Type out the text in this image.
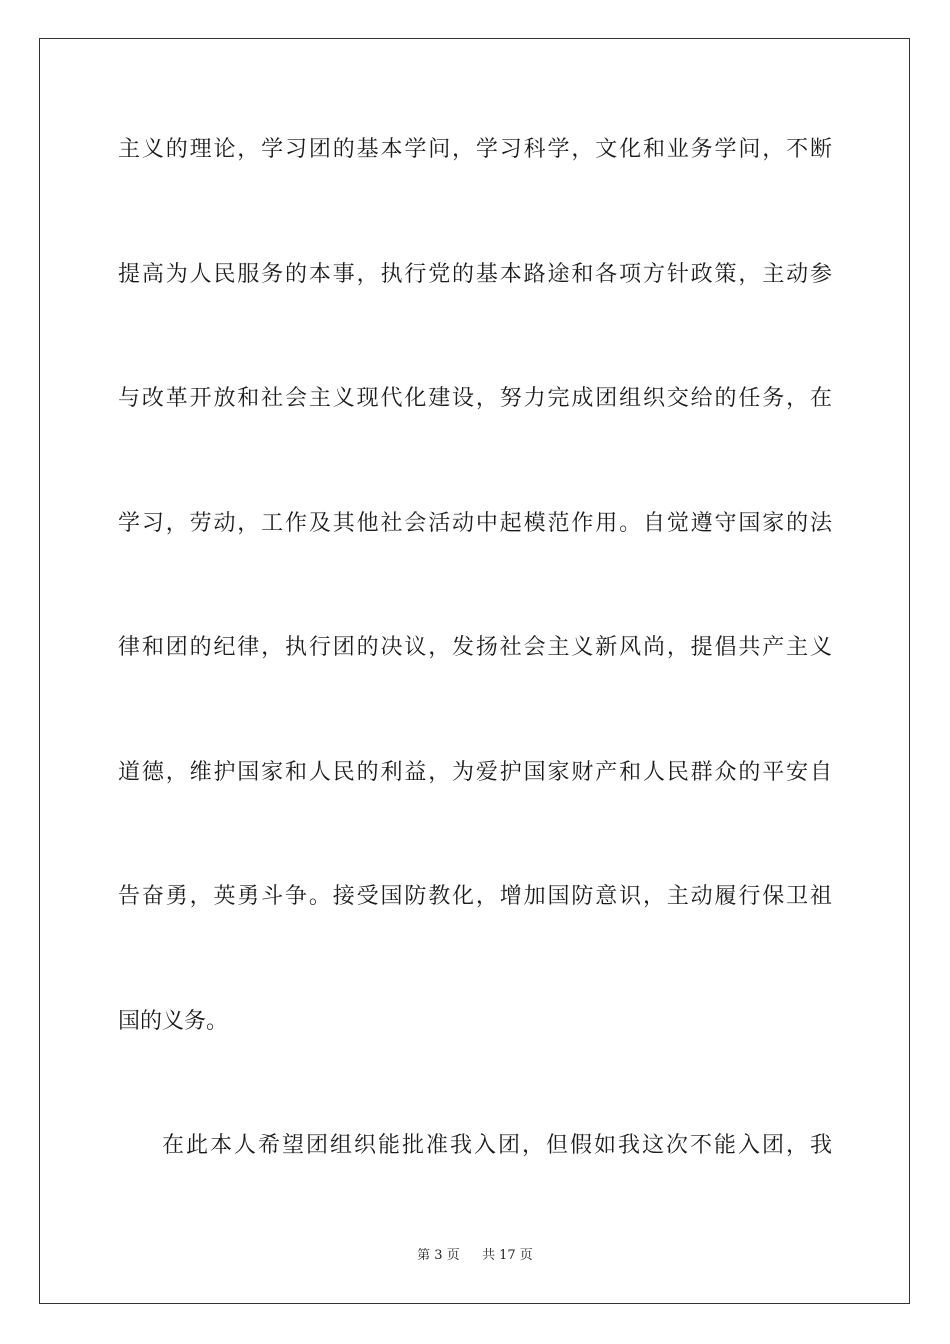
主义的理论，学习团的基本学问，学习科学，文化和业务学问，不断
提高为人民服务的本事，执行党的基本路途和各项方针政策，主动参
与改革开放和社会主义现代化建设，努力完成团组织交给的任务，在
学习，劳动，工作及其他社会活动中起模范作用。自觉遵守国家的法
律和团的纪律，执行团的决议，发扬社会主义新风尚，提倡共产主义
道德，维护国家和人民的利益，为爱护国家财产和人民群众的平安自
告奋勇，英勇斗争。接受国防教化，增加国防意识，主动履行保卫祖
国的义务。
在此本人希望团组织能批准我入团，但假如我这次不能入团，我
第 3 页 共 17 页
